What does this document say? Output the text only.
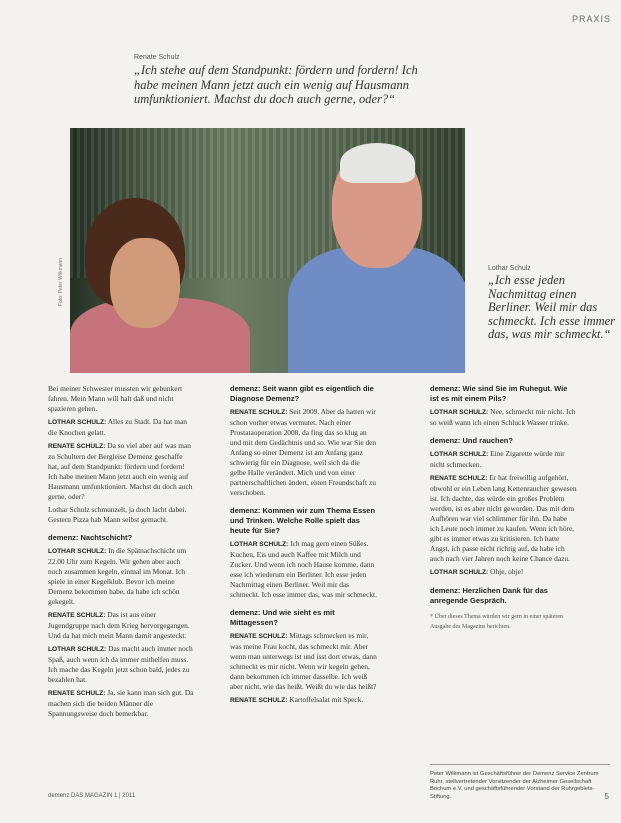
PRAXIS
Renate Schulz
„Ich stehe auf dem Standpunkt: fördern und fordern! Ich habe meinen Mann jetzt auch ein wenig auf Hausmann umfunktioniert. Machst du doch auch gerne, oder?“
Foto: Peter Wilkmann	Lothar Schulz
„Ich esse jeden Nachmittag einen Berliner. Weil mir das schmeckt. Ich esse immer das, was mir schmeckt.“

Bei meiner Schwester mussten wir gebunkert fahren. Mein Mann will halt daß und nicht spazieren gehen.

LOTHAR SCHULZ: Alles zu Stadt. Da hat man die Knochen gelatt.

RENATE SCHULZ: Da so viel aber auf was man zu Schultern der Bergleise Demenz geschaffe hat, auf dem Standpunkt: fördern und fordern! Ich habe meinen Mann jetzt auch ein wenig auf Hausmann umfunktioniert. Machst du doch auch gerne, oder?

Lothar Schulz schmunzelt, ja doch lacht dabei. Gestern Pizza hab Mann selbst gemacht.

demenz: Nachtschicht?

LOTHAR SCHULZ: In die Spätnachschicht um 22.00 Uhr zum Kegeln. Wir gehen aber auch noch zusammen kegeln, einmal im Monat. Ich spiele in einer Kegelklub. Bevor ich meine Demenz bekommen habe, da habe ich schön gekegelt.

RENATE SCHULZ: Das ist aus einer Jugendgruppe nach dem Krieg hervorgegangen. Und da hat mich mein Mann damit angesteckt.

LOTHAR SCHULZ: Das macht auch immer noch Spaß, auch wenn ich da immer mithelfen muss. Ich mache das Kegeln jetzt schon bald, jedes zu bezahlen hat.

RENATE SCHULZ: Ja, sie kann man sich gut. Da machen sich die beiden Männer die Spannungsweise doch bemerkbar.

demenz: Seit wann gibt es eigentlich die Diagnose Demenz?

RENATE SCHULZ: Seit 2009. Aber da hatten wir schon vorher etwas vermutet. Nach einer Prostataoperation 2008, da fing das so klug an und mit dem Gedächtnis und so. Wie war Sie den Anfang so einer Demenz ist am Anfang ganz schwierig für ein Diagnose, weil sich da die gelbe Halle verändert. Mich und von einer partnerschaftlichen ändert, einen Freundschaft zu verschoben.

demenz: Kommen wir zum Thema Essen und Trinken. Welche Rolle spielt das heute für Sie?

LOTHAR SCHULZ: Ich mag gern einen Süßes. Kuchen, Eis und auch Kaffee mit Milch und Zucker. Und wenn ich noch Hause komme, dann esse ich wiederum ein Berliner. Ich esse jeden Nachmittag einen Berliner. Weil mir das schmeckt. Ich esse immer das, was mir schmeckt.

demenz: Und wie sieht es mit Mittagessen?

RENATE SCHULZ: Mittags schmecken es mir, was meine Frau kocht, das schmeckt mir. Aber wenn man unterwegs ist und isst dort etwas, dann schmeckt es mir nicht. Wenn wir kegeln gehen, dann bekommen ich immer dasselbe. Ich weiß aber nicht, wie das heißt. Weißt du wie das heißt?

RENATE SCHULZ: Kartoffelsalat mit Speck.

demenz: Wie sind Sie im Ruhegut. Wie ist es mit einem Pils?

LOTHAR SCHULZ: Nee, schmeckt mir nicht. Ich so weiß wann ich einen Schluck Wasser trinke.

demenz: Und rauchen?

LOTHAR SCHULZ: Eine Zigarette würde mir nicht schmecken.

RENATE SCHULZ: Er hat freiwillig aufgehört, obwohl er ein Leben lang Kettenraucher gewesen ist. Ich dachte, das würde ein großes Problem werden, ist es aber nicht geworden. Das mit dem Aufhören war viel schlimmer für ihn. Da habe ich Leute noch immer zu kaufen. Wenn ich höre, gibt es immer etwas zu kritisieren. Ich hatte Angst, ich passe nicht richtig auf, da habe ich auch nach vier Jahren noch keine Chance dazu.

LOTHAR SCHULZ: Ohje, ohje!

demenz: Herzlichen Dank für das anregende Gespräch.
* Über dieses Thema würden wir gern in einer späteren Ausgabe des Magazins berichten.
Peter Wilkmann ist Geschäftsführer der Demenz Service Zentrum Ruhr, stellvertretender Vorsitzender der Alzheimer Gesellschaft Bochum e.V. und geschäftsführender Vorstand der Ruhrgebiets-Stiftung.
demenz DAS MAGAZIN 1 | 2011	5
